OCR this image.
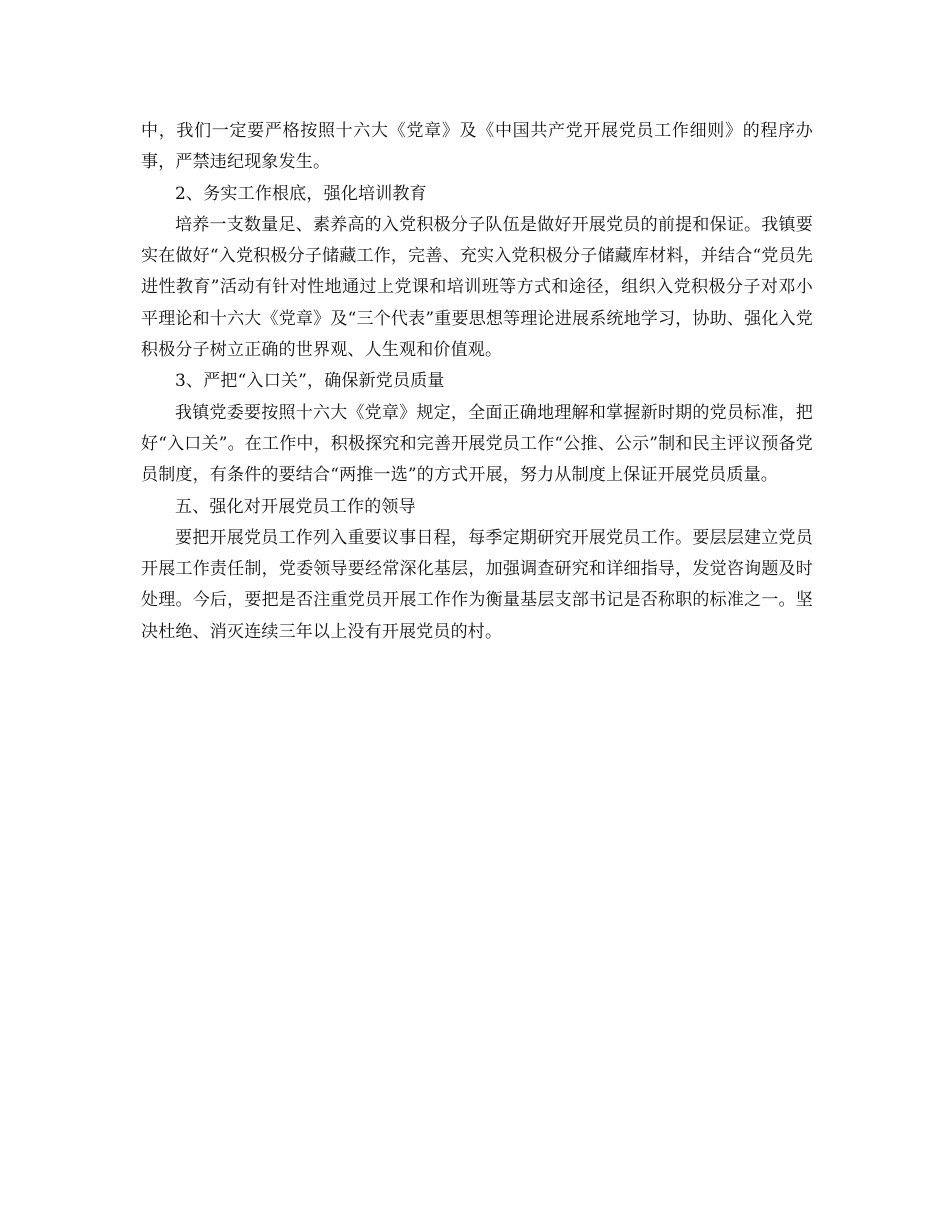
中，我们一定要严格按照十六大《党章》及《中国共产党开展党员工作细则》的程序办事，严禁违纪现象发生。

2、务实工作根底，强化培训教育

培养一支数量足、素养高的入党积极分子队伍是做好开展党员的前提和保证。我镇要实在做好“入党积极分子储藏工作，完善、充实入党积极分子储藏库材料，并结合“党员先进性教育”活动有针对性地通过上党课和培训班等方式和途径，组织入党积极分子对邓小平理论和十六大《党章》及“三个代表”重要思想等理论进展系统地学习，协助、强化入党积极分子树立正确的世界观、人生观和价值观。

3、严把“入口关”，确保新党员质量

我镇党委要按照十六大《党章》规定，全面正确地理解和掌握新时期的党员标准，把好“入口关”。在工作中，积极探究和完善开展党员工作“公推、公示”制和民主评议预备党员制度，有条件的要结合“两推一选”的方式开展，努力从制度上保证开展党员质量。

五、强化对开展党员工作的领导

要把开展党员工作列入重要议事日程，每季定期研究开展党员工作。要层层建立党员开展工作责任制，党委领导要经常深化基层，加强调查研究和详细指导，发觉咨询题及时处理。今后，要把是否注重党员开展工作作为衡量基层支部书记是否称职的标准之一。坚决杜绝、消灭连续三年以上没有开展党员的村。
